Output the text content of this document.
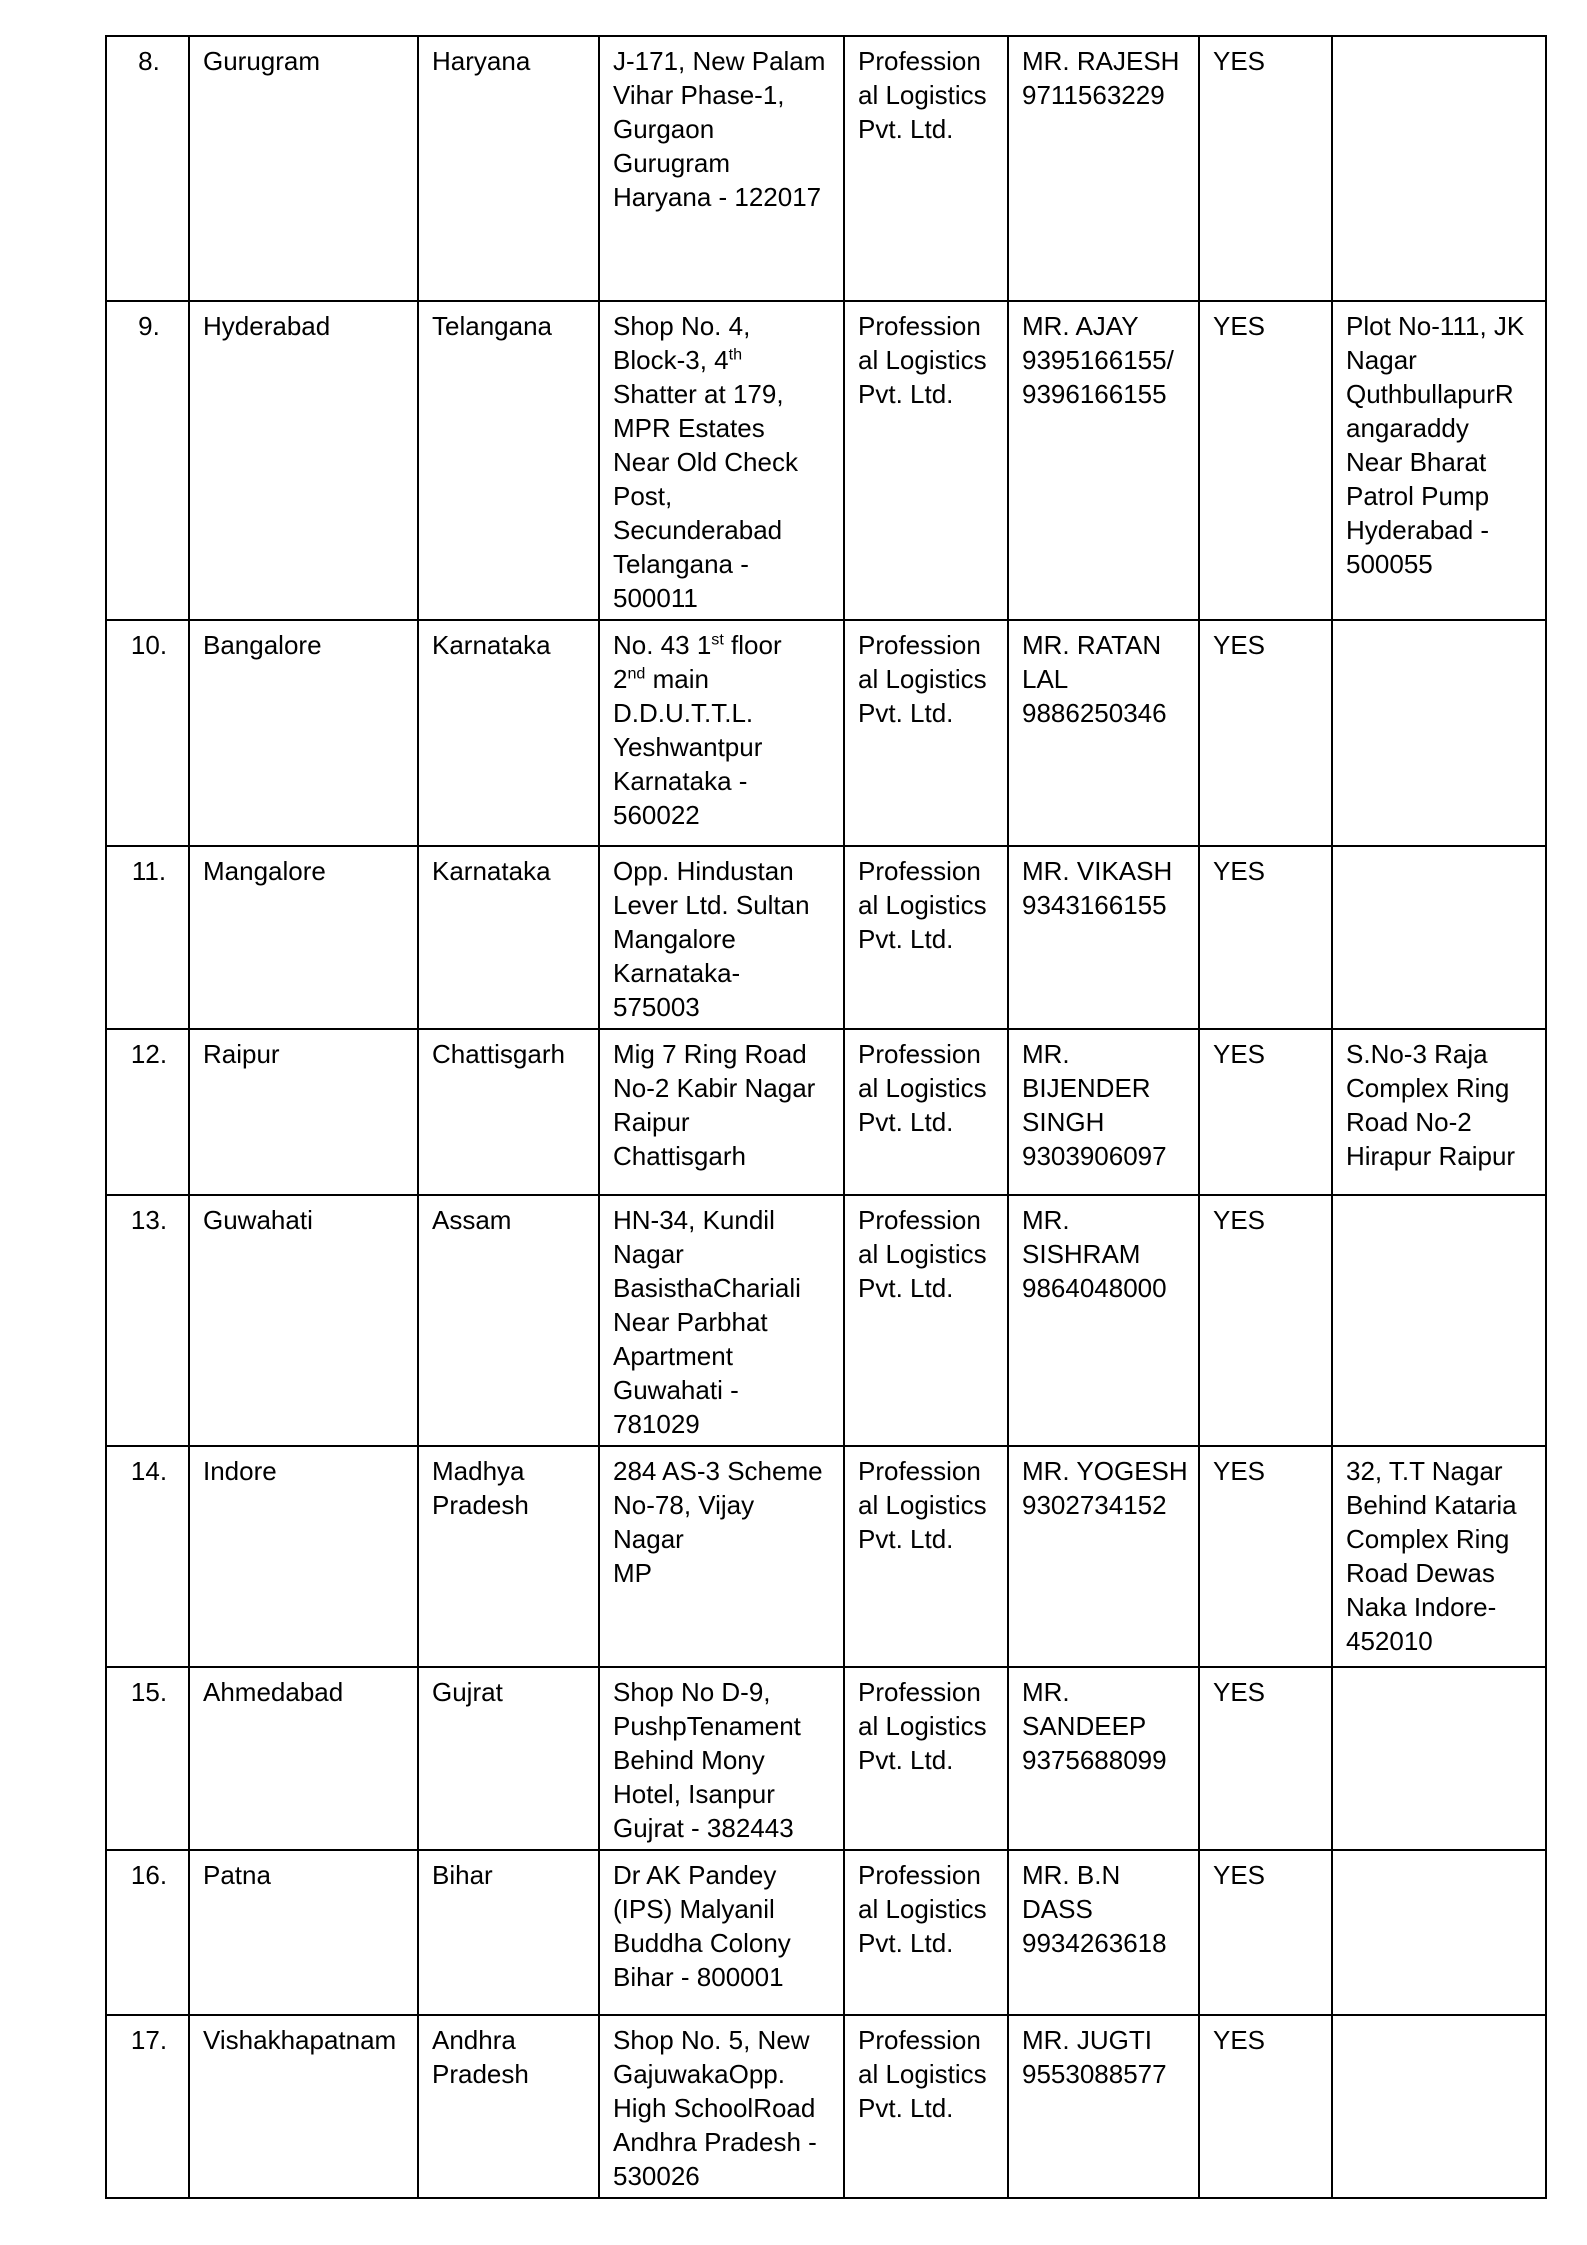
8.	Gurugram	Haryana	J-171, New Palam
Vihar Phase-1,
Gurgaon
Gurugram
Haryana - 122017	Profession
al Logistics
Pvt. Ltd.	MR. RAJESH
9711563229	YES	
9.	Hyderabad	Telangana	Shop No. 4,
Block-3, 4th
Shatter at 179,
MPR Estates
Near Old Check
Post,
Secunderabad
Telangana -
500011	Profession
al Logistics
Pvt. Ltd.	MR. AJAY
9395166155/
9396166155	YES	Plot No-111, JK
Nagar
QuthbullapurR
angaraddy
Near Bharat
Patrol Pump
Hyderabad -
500055
10.	Bangalore	Karnataka	No. 43 1st floor
2nd main
D.D.U.T.T.L.
Yeshwantpur
Karnataka -
560022	Profession
al Logistics
Pvt. Ltd.	MR. RATAN
LAL
9886250346	YES	
11.	Mangalore	Karnataka	Opp. Hindustan
Lever Ltd. Sultan
Mangalore
Karnataka-
575003	Profession
al Logistics
Pvt. Ltd.	MR. VIKASH
9343166155	YES	
12.	Raipur	Chattisgarh	Mig 7 Ring Road
No-2 Kabir Nagar
Raipur
Chattisgarh	Profession
al Logistics
Pvt. Ltd.	MR.
BIJENDER
SINGH
9303906097	YES	S.No-3 Raja
Complex Ring
Road No-2
Hirapur Raipur
13.	Guwahati	Assam	HN-34, Kundil
Nagar
BasisthaChariali
Near Parbhat
Apartment
Guwahati -
781029	Profession
al Logistics
Pvt. Ltd.	MR.
SISHRAM
9864048000	YES	
14.	Indore	Madhya
Pradesh	284 AS-3 Scheme
No-78, Vijay
Nagar
MP	Profession
al Logistics
Pvt. Ltd.	MR. YOGESH
9302734152	YES	32, T.T Nagar
Behind Kataria
Complex Ring
Road Dewas
Naka Indore-
452010
15.	Ahmedabad	Gujrat	Shop No D-9,
PushpTenament
Behind Mony
Hotel, Isanpur
Gujrat - 382443	Profession
al Logistics
Pvt. Ltd.	MR.
SANDEEP
9375688099	YES	
16.	Patna	Bihar	Dr AK Pandey
(IPS) Malyanil
Buddha Colony
Bihar - 800001	Profession
al Logistics
Pvt. Ltd.	MR. B.N
DASS
9934263618	YES	
17.	Vishakhapatnam	Andhra
Pradesh	Shop No. 5, New
GajuwakaOpp.
High SchoolRoad
Andhra Pradesh -
530026	Profession
al Logistics
Pvt. Ltd.	MR. JUGTI
9553088577	YES	
